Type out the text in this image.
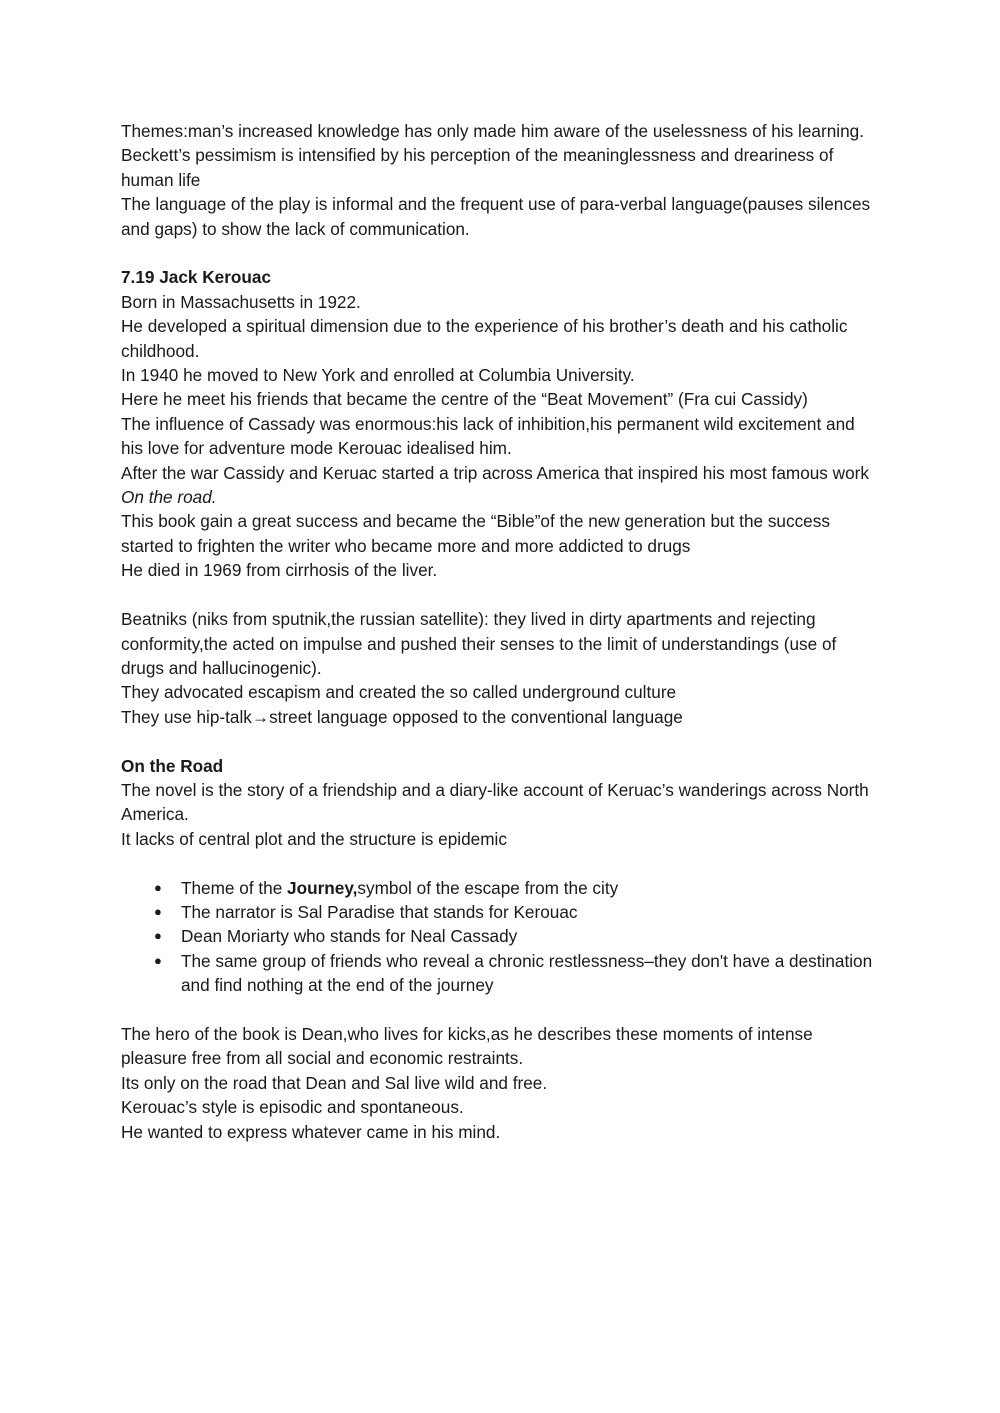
Themes:man’s increased knowledge has only made him aware of the uselessness of his learning.

Beckett’s pessimism is intensified by his perception of the meaninglessness and dreariness of human life

The language of the play is informal and the frequent use of para-verbal language(pauses silences and gaps) to show the lack of communication.

7.19 Jack Kerouac

Born in Massachusetts in 1922.

He developed a spiritual dimension due to the experience of his brother’s death and his catholic childhood.

In 1940 he moved to New York and enrolled at Columbia University.

Here he meet his friends that became the centre of the “Beat Movement” (Fra cui Cassidy)

The influence of Cassady was enormous:his lack of inhibition,his permanent wild excitement and his love for adventure mode Kerouac idealised him.

After the war Cassidy and Keruac started a trip across America that inspired his most famous work On the road.

This book gain a great success and became the “Bible”of the new generation but the success started to frighten the writer who became more and more addicted to drugs

He died in 1969 from cirrhosis of the liver.

Beatniks (niks from sputnik,the russian satellite): they lived in dirty apartments and rejecting conformity,the acted on impulse and pushed their senses to the limit of understandings (use of drugs and hallucinogenic).

They advocated escapism and created the so called underground culture

They use hip-talk→street language opposed to the conventional language

On the Road

The novel is the story of a friendship and a diary-like account of Keruac’s wanderings across North America.

It lacks of central plot and the structure is epidemic

● Theme of the Journey,symbol of the escape from the city
● The narrator is Sal Paradise that stands for Kerouac
● Dean Moriarty who stands for Neal Cassady
● The same group of friends who reveal a chronic restlessness–they don't have a destination and find nothing at the end of the journey

The hero of the book is Dean,who lives for kicks,as he describes these moments of intense pleasure free from all social and economic restraints.

Its only on the road that Dean and Sal live wild and free.

Kerouac’s style is episodic and spontaneous.

He wanted to express whatever came in his mind.
